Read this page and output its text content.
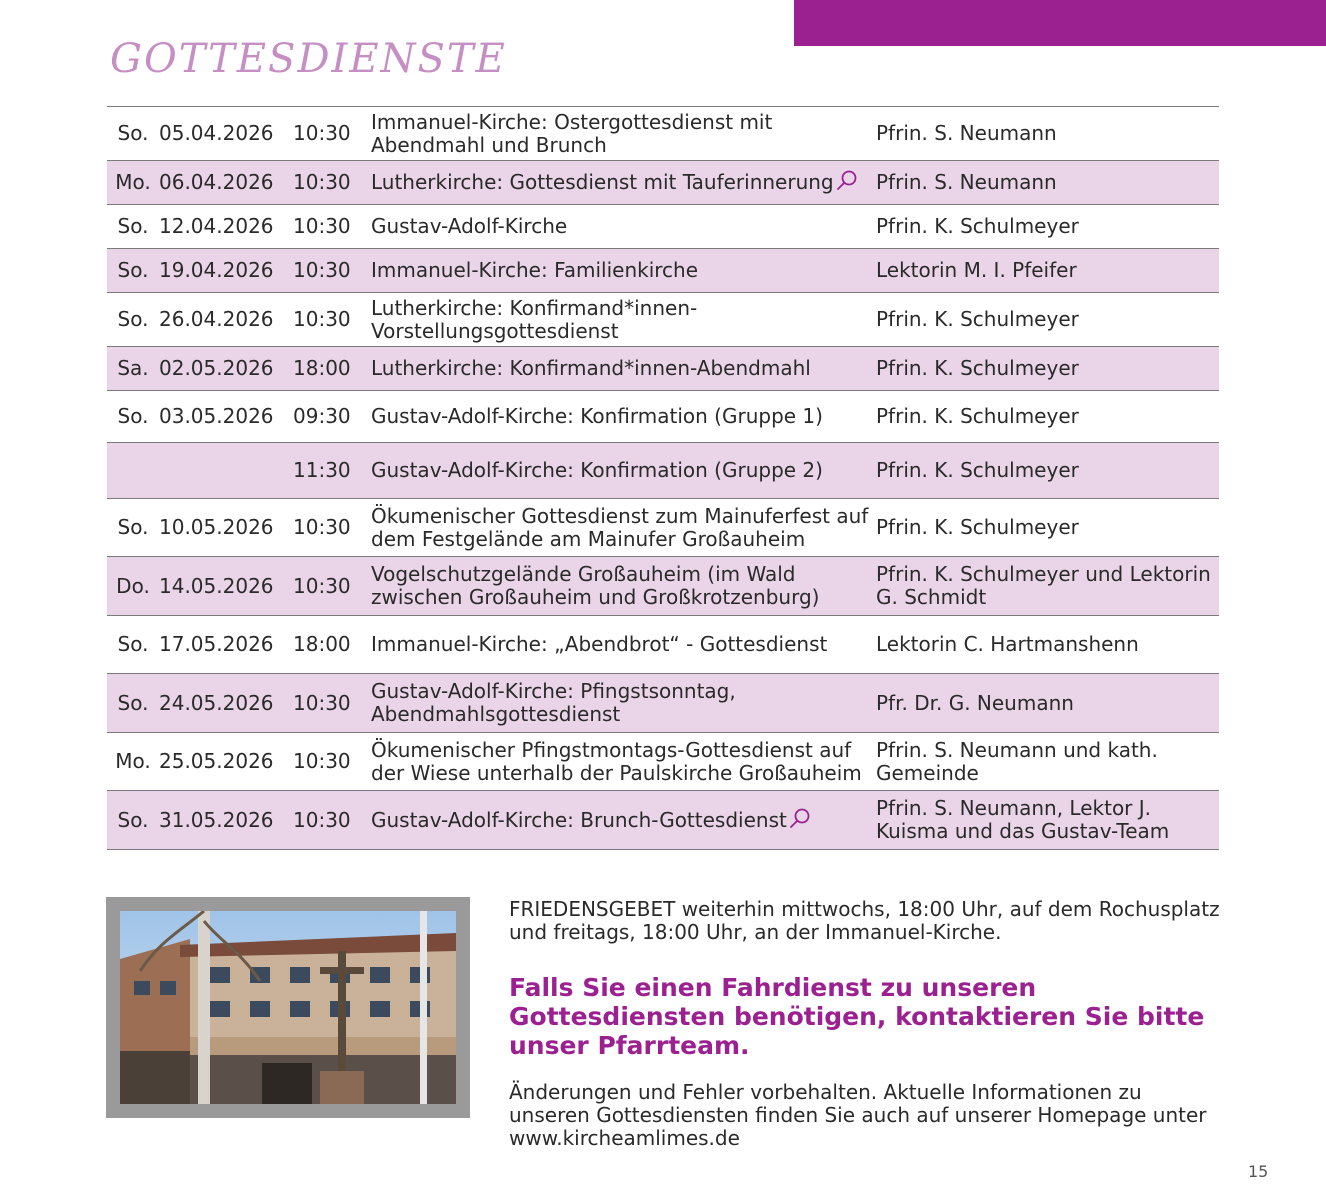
GOTTESDIENSTE
So.	05.04.2026	10:30	Immanuel-Kirche: Ostergottesdienst mit Abendmahl und Brunch	Pfrin. S. Neumann
Mo.	06.04.2026	10:30	Lutherkirche: Gottesdienst mit Tauferinnerung	Pfrin. S. Neumann
So.	12.04.2026	10:30	Gustav-Adolf-Kirche	Pfrin. K. Schulmeyer
So.	19.04.2026	10:30	Immanuel-Kirche: Familienkirche	Lektorin M. I. Pfeifer
So.	26.04.2026	10:30	Lutherkirche: Konfirmand*innen-Vorstellungsgottesdienst	Pfrin. K. Schulmeyer
Sa.	02.05.2026	18:00	Lutherkirche: Konfirmand*innen-Abendmahl	Pfrin. K. Schulmeyer
So.	03.05.2026	09:30	Gustav-Adolf-Kirche: Konfirmation (Gruppe 1)	Pfrin. K. Schulmeyer
		11:30	Gustav-Adolf-Kirche: Konfirmation (Gruppe 2)	Pfrin. K. Schulmeyer
So.	10.05.2026	10:30	Ökumenischer Gottesdienst zum Mainuferfest auf dem Festgelände am Mainufer Großauheim	Pfrin. K. Schulmeyer
Do.	14.05.2026	10:30	Vogelschutzgelände Großauheim (im Wald zwischen Großauheim und Großkrotzenburg)	Pfrin. K. Schulmeyer und Lektorin G. Schmidt
So.	17.05.2026	18:00	Immanuel-Kirche: „Abendbrot“ - Gottesdienst	Lektorin C. Hartmanshenn
So.	24.05.2026	10:30	Gustav-Adolf-Kirche: Pfingstsonntag, Abendmahlsgottesdienst	Pfr. Dr. G. Neumann
Mo.	25.05.2026	10:30	Ökumenischer Pfingstmontags-Gottesdienst auf der Wiese unterhalb der Paulskirche Großauheim	Pfrin. S. Neumann und kath. Gemeinde
So.	31.05.2026	10:30	Gustav-Adolf-Kirche: Brunch-Gottesdienst	Pfrin. S. Neumann, Lektor J. Kuisma und das Gustav-Team

FRIEDENSGEBET weiterhin mittwochs, 18:00 Uhr, auf dem Rochusplatz und freitags, 18:00 Uhr, an der Immanuel-Kirche.

Falls Sie einen Fahrdienst zu unseren Gottesdiensten benötigen, kontaktieren Sie bitte unser Pfarrteam.

Änderungen und Fehler vorbehalten. Aktuelle Informationen zu unseren Gottesdiensten finden Sie auch auf unserer Homepage unter www.kircheamlimes.de

15
